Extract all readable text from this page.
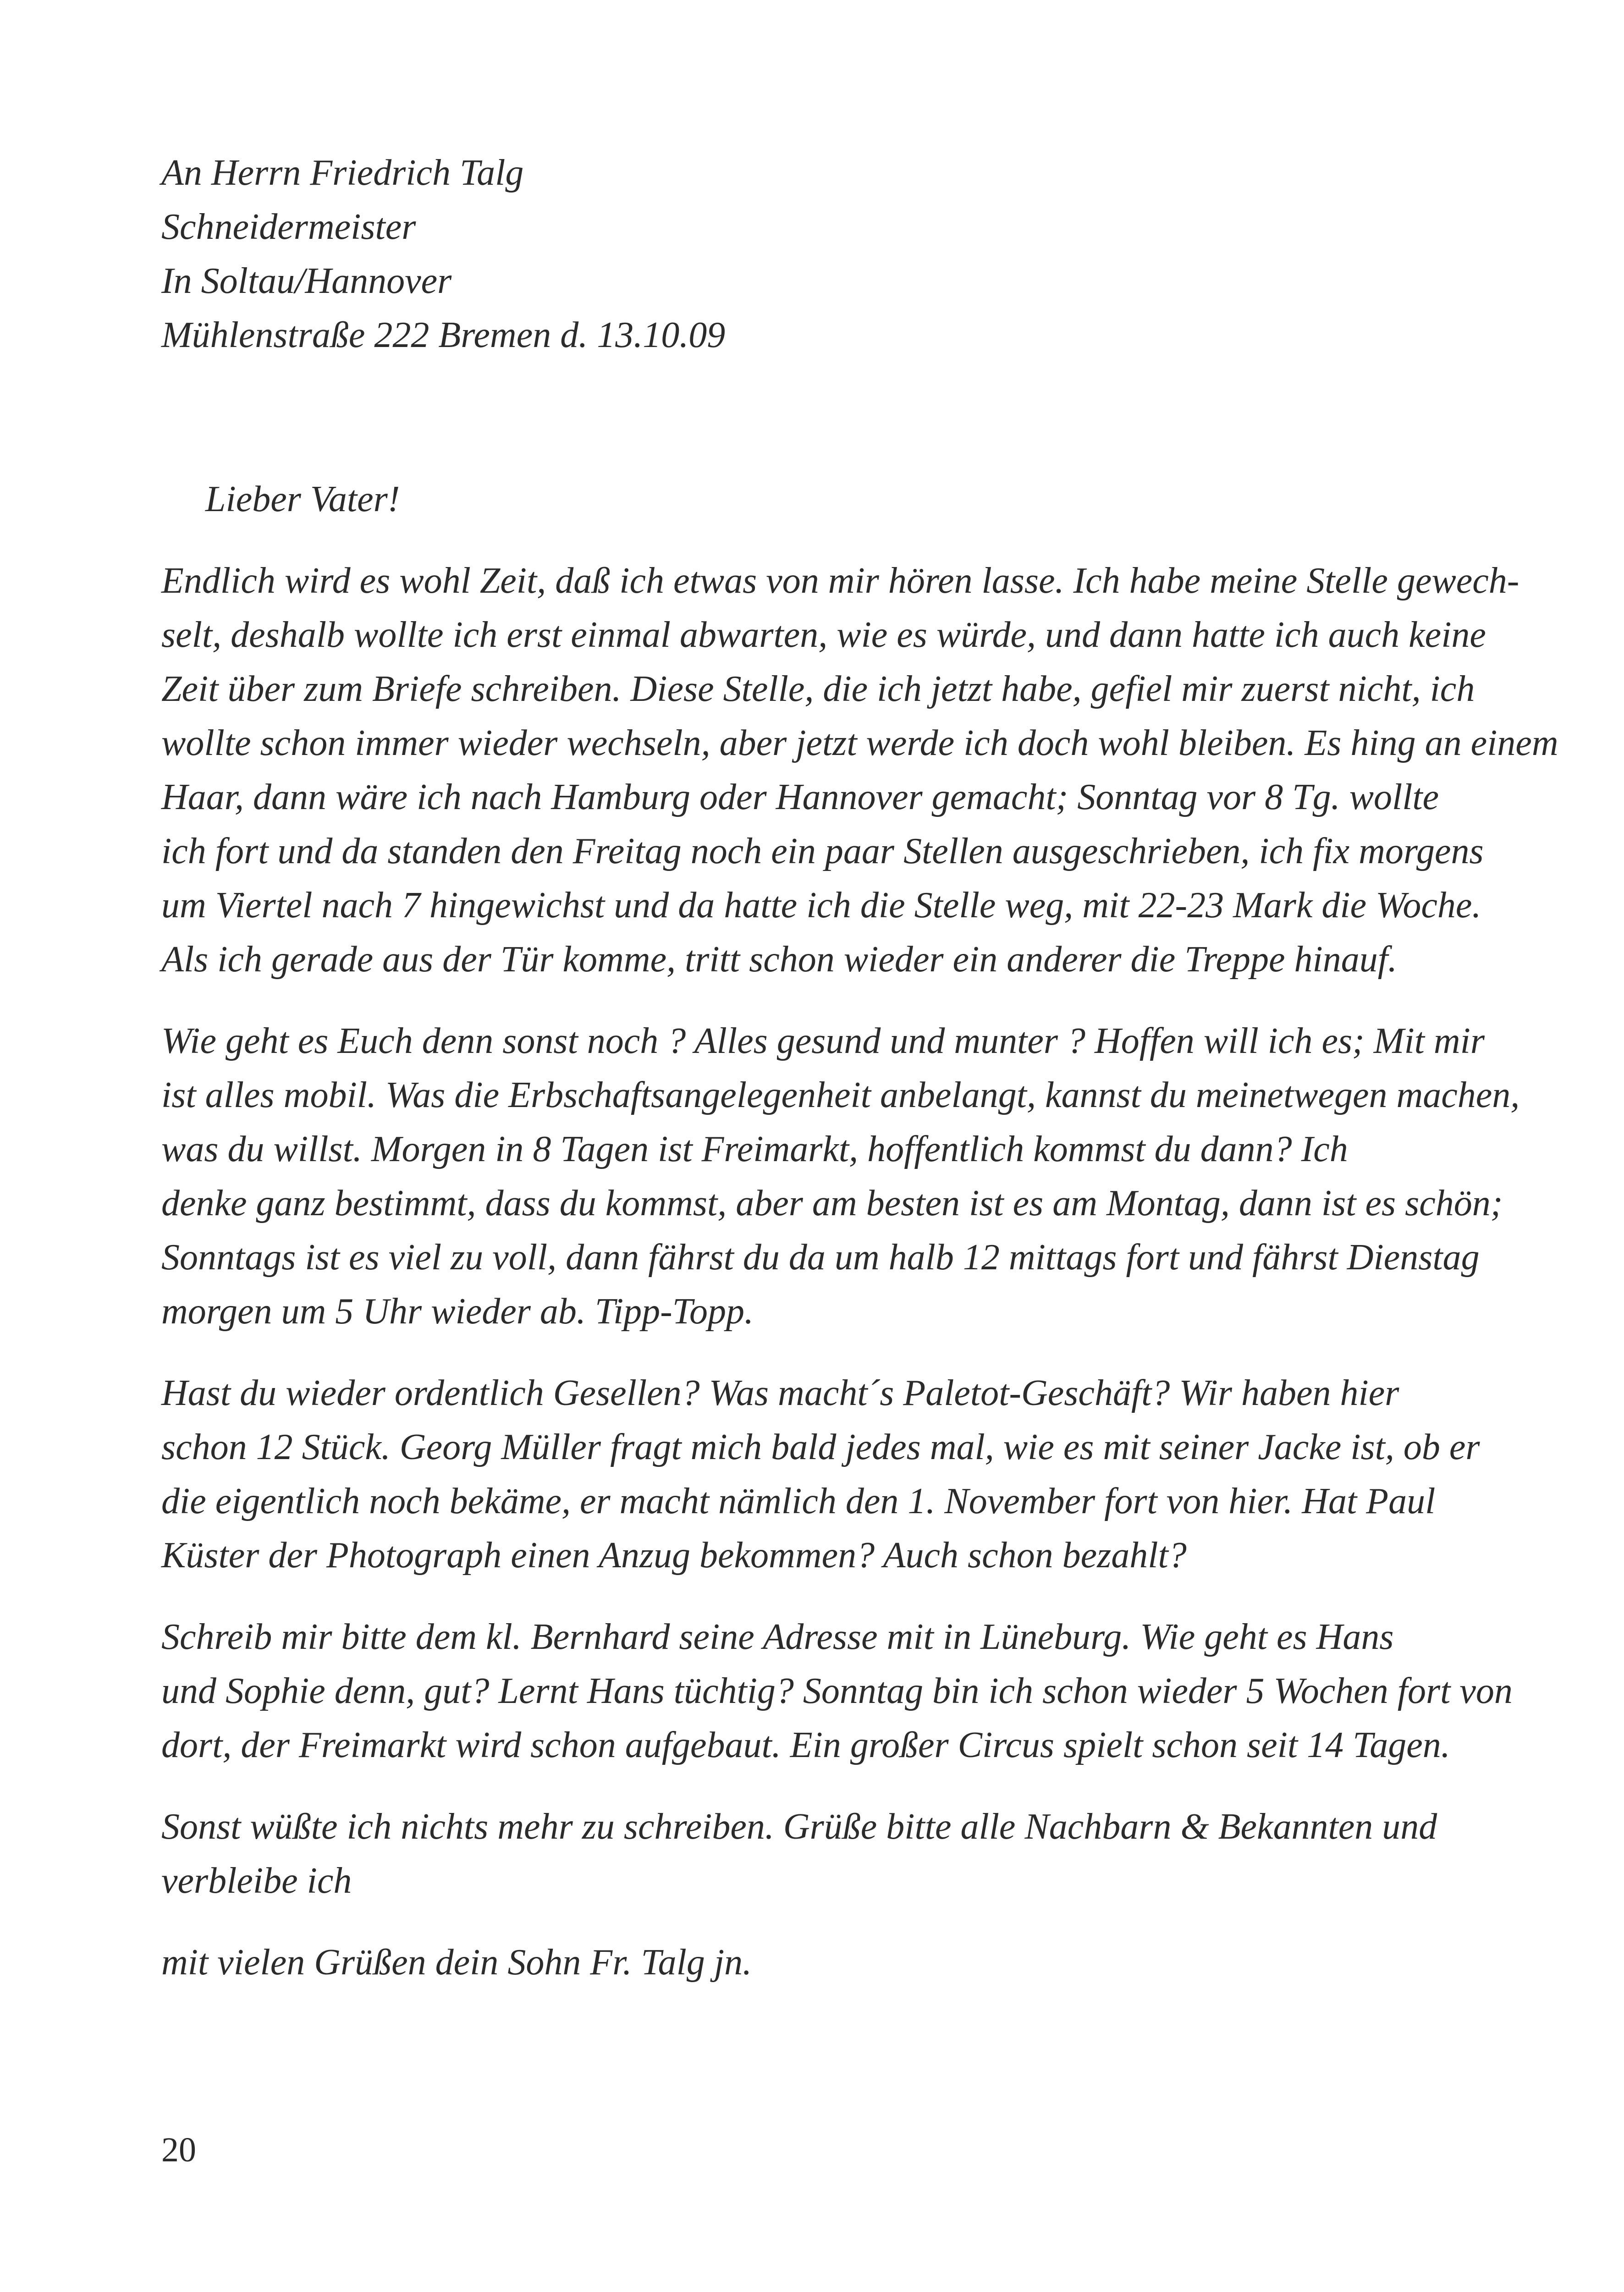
An Herrn Friedrich Talg
Schneidermeister
In Soltau/Hannover
Mühlenstraße 222 Bremen d. 13.10.09
Lieber Vater!
Endlich wird es wohl Zeit, daß ich etwas von mir hören lasse. Ich habe meine Stelle gewech-
selt, deshalb wollte ich erst einmal abwarten, wie es würde, und dann hatte ich auch keine
Zeit über zum Briefe schreiben. Diese Stelle, die ich jetzt habe, gefiel mir zuerst nicht, ich
wollte schon immer wieder wechseln, aber jetzt werde ich doch wohl bleiben. Es hing an einem
Haar, dann wäre ich nach Hamburg oder Hannover gemacht; Sonntag vor 8 Tg. wollte
ich fort und da standen den Freitag noch ein paar Stellen ausgeschrieben, ich fix morgens
um Viertel nach 7 hingewichst und da hatte ich die Stelle weg, mit 22-23 Mark die Woche.
Als ich gerade aus der Tür komme, tritt schon wieder ein anderer die Treppe hinauf.
Wie geht es Euch denn sonst noch ? Alles gesund und munter ? Hoffen will ich es; Mit mir
ist alles mobil. Was die Erbschaftsangelegenheit anbelangt, kannst du meinetwegen machen,
was du willst. Morgen in 8 Tagen ist Freimarkt, hoffentlich kommst du dann? Ich
denke ganz bestimmt, dass du kommst, aber am besten ist es am Montag, dann ist es schön;
Sonntags ist es viel zu voll, dann fährst du da um halb 12 mittags fort und fährst Dienstag
morgen um 5 Uhr wieder ab. Tipp-Topp.
Hast du wieder ordentlich Gesellen? Was macht´s Paletot-Geschäft? Wir haben hier
schon 12 Stück. Georg Müller fragt mich bald jedes mal, wie es mit seiner Jacke ist, ob er
die eigentlich noch bekäme, er macht nämlich den 1. November fort von hier. Hat Paul
Küster der Photograph einen Anzug bekommen? Auch schon bezahlt?
Schreib mir bitte dem kl. Bernhard seine Adresse mit in Lüneburg. Wie geht es Hans
und Sophie denn, gut? Lernt Hans tüchtig? Sonntag bin ich schon wieder 5 Wochen fort von
dort, der Freimarkt wird schon aufgebaut. Ein großer Circus spielt schon seit 14 Tagen.
Sonst wüßte ich nichts mehr zu schreiben. Grüße bitte alle Nachbarn & Bekannten und
verbleibe ich
mit vielen Grüßen dein Sohn Fr. Talg jn.
20
